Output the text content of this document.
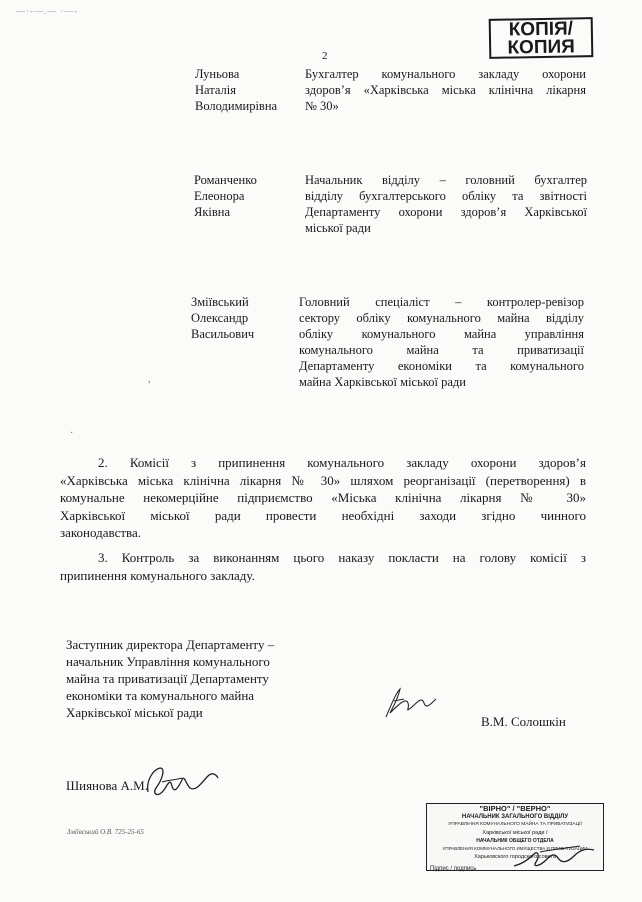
—·-—.— ·—-
КОПІЯ/
КОПИЯ
2
Луньова
Наталія
Володимирівна
Бухгалтер комунального закладу охорони
здоров’я «Харківська міська клінічна лікарня
№ 30»
Романченко
Елеонора
Яківна
Начальник відділу – головний бухгалтер
відділу бухгалтерського обліку та звітності
Департаменту охорони здоров’я Харківської
міської ради
Зміївський
Олександр
Васильович
Головний спеціаліст – контролер-ревізор
сектору обліку комунального майна відділу
обліку комунального майна управління
комунального майна та приватизації
Департаменту економіки та комунального
майна Харківської міської ради
,
·
2. Комісії з припинення комунального закладу охорони здоров’я
«Харківська міська клінічна лікарня № 30» шляхом реорганізації (перетворення) в
комунальне некомерційне підприємство «Міська клінічна лікарня № 30»
Харківської міської ради провести необхідні заходи згідно чинного
законодавства.
3. Контроль за виконанням цього наказу покласти на голову комісії з
припинення комунального закладу.
Заступник директора Департаменту –
начальник Управління комунального
майна та приватизації Департаменту
економіки та комунального майна
Харківської міської ради
В.М. Солошкін
Шиянова А.М.
Зміївський О.В. 725-25-65
"ВІРНО" / "ВЕРНО"
НАЧАЛЬНИК ЗАГАЛЬНОГО ВІДДІЛУ
УПРАВЛІННЯ КОМУНАЛЬНОГО МАЙНА ТА ПРИВАТИЗАЦІЇ
Харківської міської ради /
НАЧАЛЬНИК ОБЩЕГО ОТДЕЛА
УПРАВЛЕНИЯ КОММУНАЛЬНОГО ИМУЩЕСТВА И ПРИВАТИЗАЦИИ
Харьковского городского совета
Підпис / подпись
